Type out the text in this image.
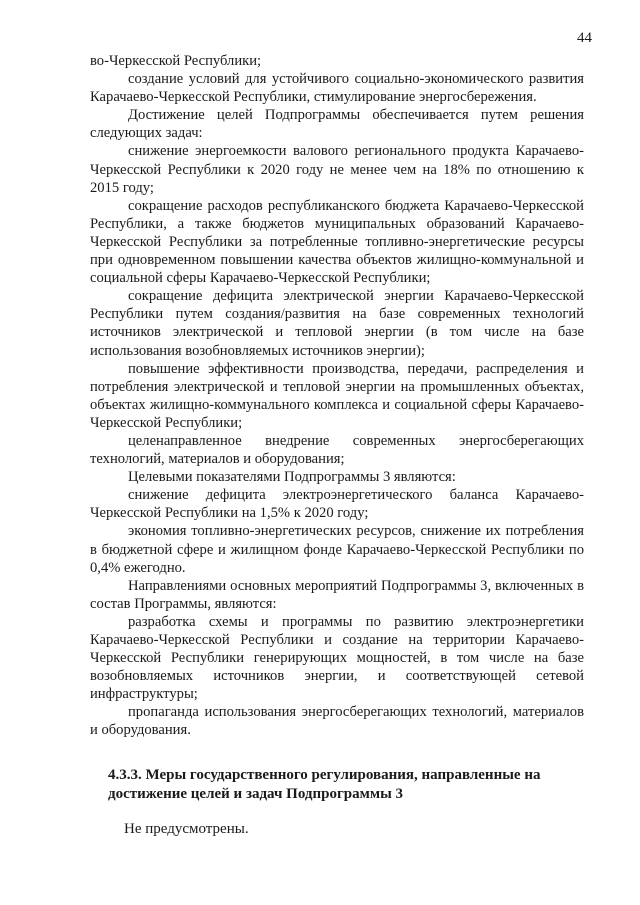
44

во-Черкесской Республики;

создание условий для устойчивого социально-экономического развития Карачаево-Черкесской Республики, стимулирование энергосбережения.

Достижение целей Подпрограммы обеспечивается путем решения следующих задач:

снижение энергоемкости валового регионального продукта Карачаево-Черкесской Республики к 2020 году не менее чем на 18% по отношению к 2015 году;

сокращение расходов республиканского бюджета Карачаево-Черкесской Республики, а также бюджетов муниципальных образований Карачаево-Черкесской Республики за потребленные топливно-энергетические ресурсы при одновременном повышении качества объектов жилищно-коммунальной и социальной сферы Карачаево-Черкесской Республики;

сокращение дефицита электрической энергии Карачаево-Черкесской Республики путем создания/развития на базе современных технологий источников электрической и тепловой энергии (в том числе на базе использования возобновляемых источников энергии);

повышение эффективности производства, передачи, распределения и потребления электрической и тепловой энергии на промышленных объектах, объектах жилищно-коммунального комплекса и социальной сферы Карачаево-Черкесской Республики;

целенаправленное внедрение современных энергосберегающих технологий, материалов и оборудования;

Целевыми показателями Подпрограммы 3 являются:

снижение дефицита электроэнергетического баланса Карачаево-Черкесской Республики на 1,5% к 2020 году;

экономия топливно-энергетических ресурсов, снижение их потребления в бюджетной сфере и жилищном фонде Карачаево-Черкесской Республики по 0,4% ежегодно.

Направлениями основных мероприятий Подпрограммы 3, включенных в состав Программы, являются:

разработка схемы и программы по развитию электроэнергетики Карачаево-Черкесской Республики и создание на территории Карачаево-Черкесской Республики генерирующих мощностей, в том числе на базе возобновляемых источников энергии, и соответствующей сетевой инфраструктуры;

пропаганда использования энергосберегающих технологий, материалов и оборудования.

4.3.3. Меры государственного регулирования, направленные на достижение целей и задач Подпрограммы 3
Не предусмотрены.
